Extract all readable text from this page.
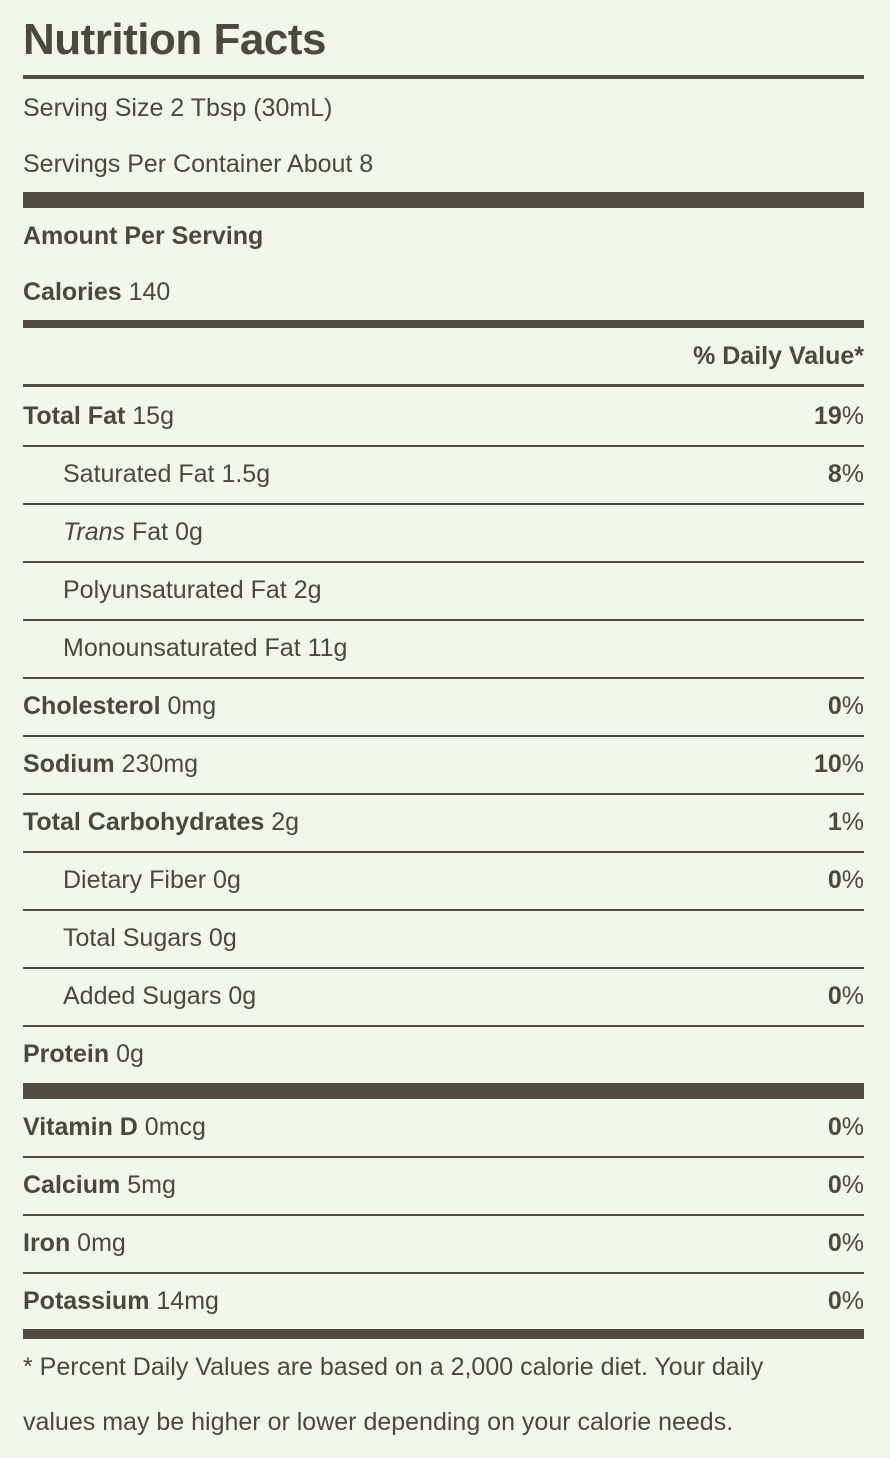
Nutrition Facts
Serving Size 2 Tbsp (30mL)
Servings Per Container About 8
Amount Per Serving
Calories 140
% Daily Value*
Total Fat 15g	19%
Saturated Fat 1.5g	8%
Trans Fat 0g
Polyunsaturated Fat 2g
Monounsaturated Fat 11g
Cholesterol 0mg	0%
Sodium 230mg	10%
Total Carbohydrates 2g	1%
Dietary Fiber 0g	0%
Total Sugars 0g
Added Sugars 0g	0%
Protein 0g
Vitamin D 0mcg	0%
Calcium 5mg	0%
Iron 0mg	0%
Potassium 14mg	0%
* Percent Daily Values are based on a 2,000 calorie diet. Your daily
values may be higher or lower depending on your calorie needs.
